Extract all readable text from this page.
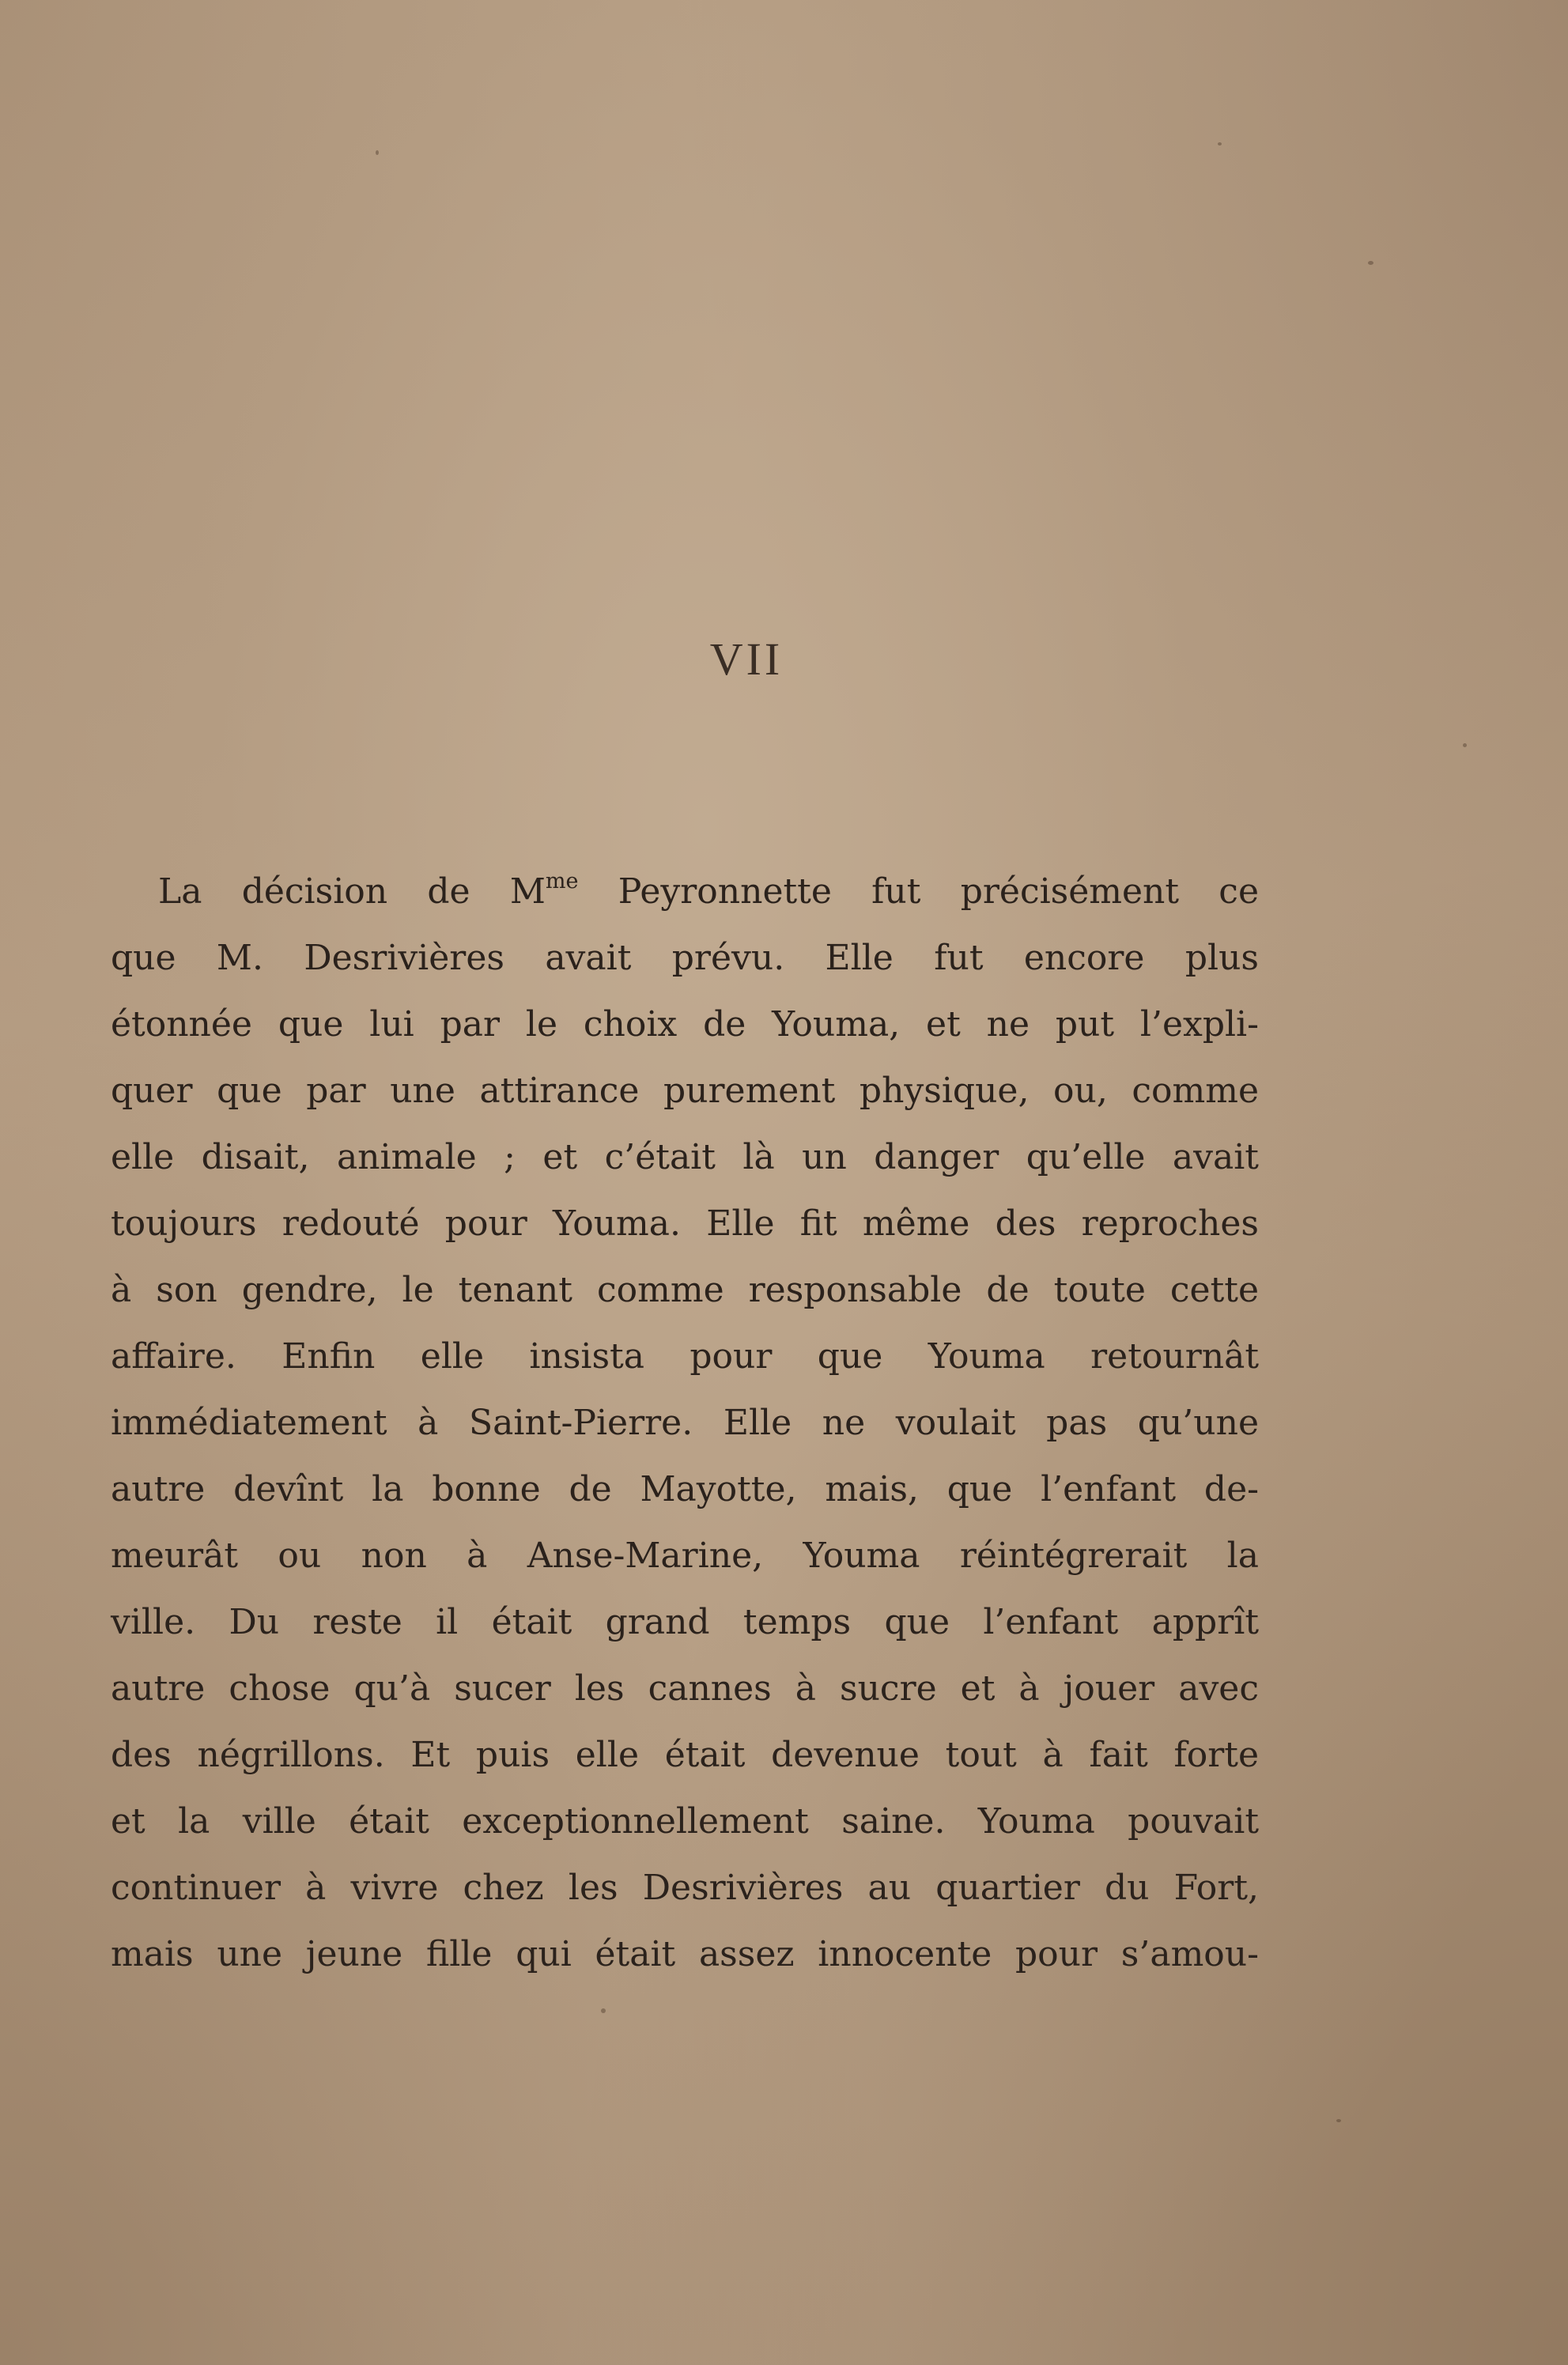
VII
La décision de $M^{me}$ Peyronnette fut précisément ce
que M. Desrivières avait prévu. Elle fut encore plus
étonnée que lui par le choix de Youma, et ne put l’expli-
quer que par une attirance purement physique, ou, comme
elle disait, animale ; et c’était là un danger qu’elle avait
toujours redouté pour Youma. Elle fit même des reproches
à son gendre, le tenant comme responsable de toute cette
affaire. Enfin elle insista pour que Youma retournât
immédiatement à Saint-Pierre. Elle ne voulait pas qu’une
autre devînt la bonne de Mayotte, mais, que l’enfant de-
meurât ou non à Anse-Marine, Youma réintégrerait la
ville. Du reste il était grand temps que l’enfant apprît
autre chose qu’à sucer les cannes à sucre et à jouer avec
des négrillons. Et puis elle était devenue tout à fait forte
et la ville était exceptionnellement saine. Youma pouvait
continuer à vivre chez les Desrivières au quartier du Fort,
mais une jeune fille qui était assez innocente pour s’amou-
